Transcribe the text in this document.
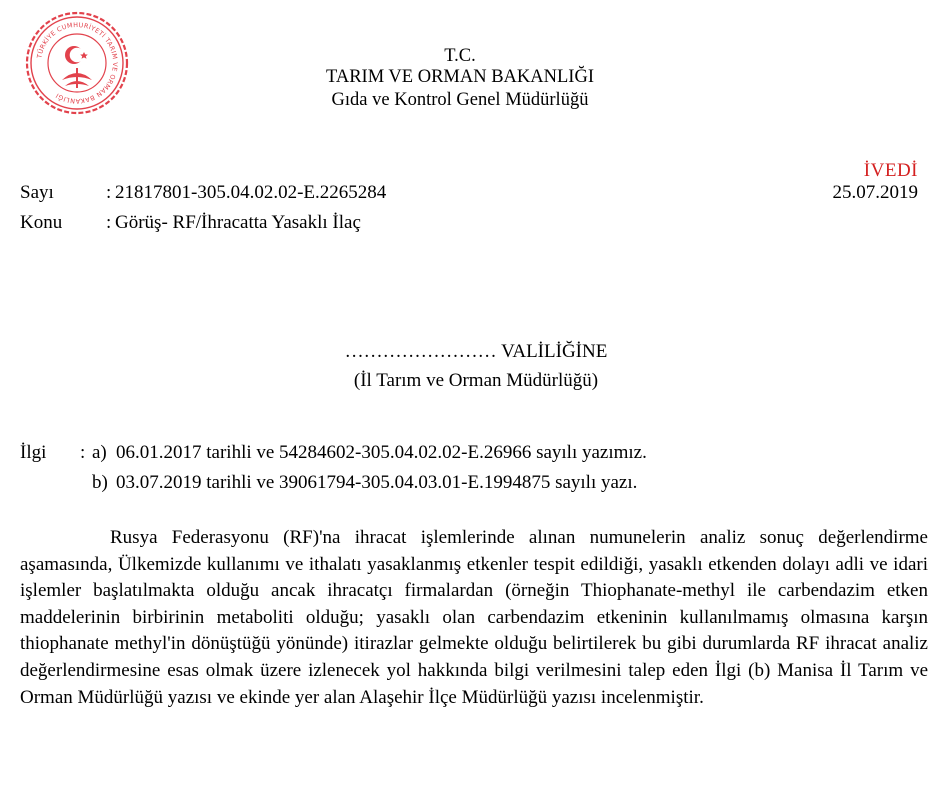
TÜRKİYE CUMHURİYETİ TARIM VE ORMAN BAKANLIĞI
T.C.
TARIM VE ORMAN BAKANLIĞI
Gıda ve Kontrol Genel Müdürlüğü
İVEDİ
Sayı	: 21817801-305.04.02.02-E.2265284	25.07.2019
Konu : Görüş- RF/İhracatta Yasaklı İlaç
…………………… VALİLİĞİNE
(İl Tarım ve Orman Müdürlüğü)
İlgi : a) 06.01.2017 tarihli ve 54284602-305.04.02.02-E.26966 sayılı yazımız.
b) 03.07.2019 tarihli ve 39061794-305.04.03.01-E.1994875 sayılı yazı.

Rusya Federasyonu (RF)'na ihracat işlemlerinde alınan numunelerin analiz sonuç değerlendirme aşamasında, Ülkemizde kullanımı ve ithalatı yasaklanmış etkenler tespit edildiği, yasaklı etkenden dolayı adli ve idari işlemler başlatılmakta olduğu ancak ihracatçı firmalardan (örneğin Thiophanate-methyl ile carbendazim etken maddelerinin birbirinin metaboliti olduğu; yasaklı olan carbendazim etkeninin kullanılmamış olmasına karşın thiophanate methyl'in dönüştüğü yönünde) itirazlar gelmekte olduğu belirtilerek bu gibi durumlarda RF ihracat analiz değerlendirmesine esas olmak üzere izlenecek yol hakkında bilgi verilmesini talep eden İlgi (b) Manisa İl Tarım ve Orman Müdürlüğü yazısı ve ekinde yer alan Alaşehir İlçe Müdürlüğü yazısı incelenmiştir.
